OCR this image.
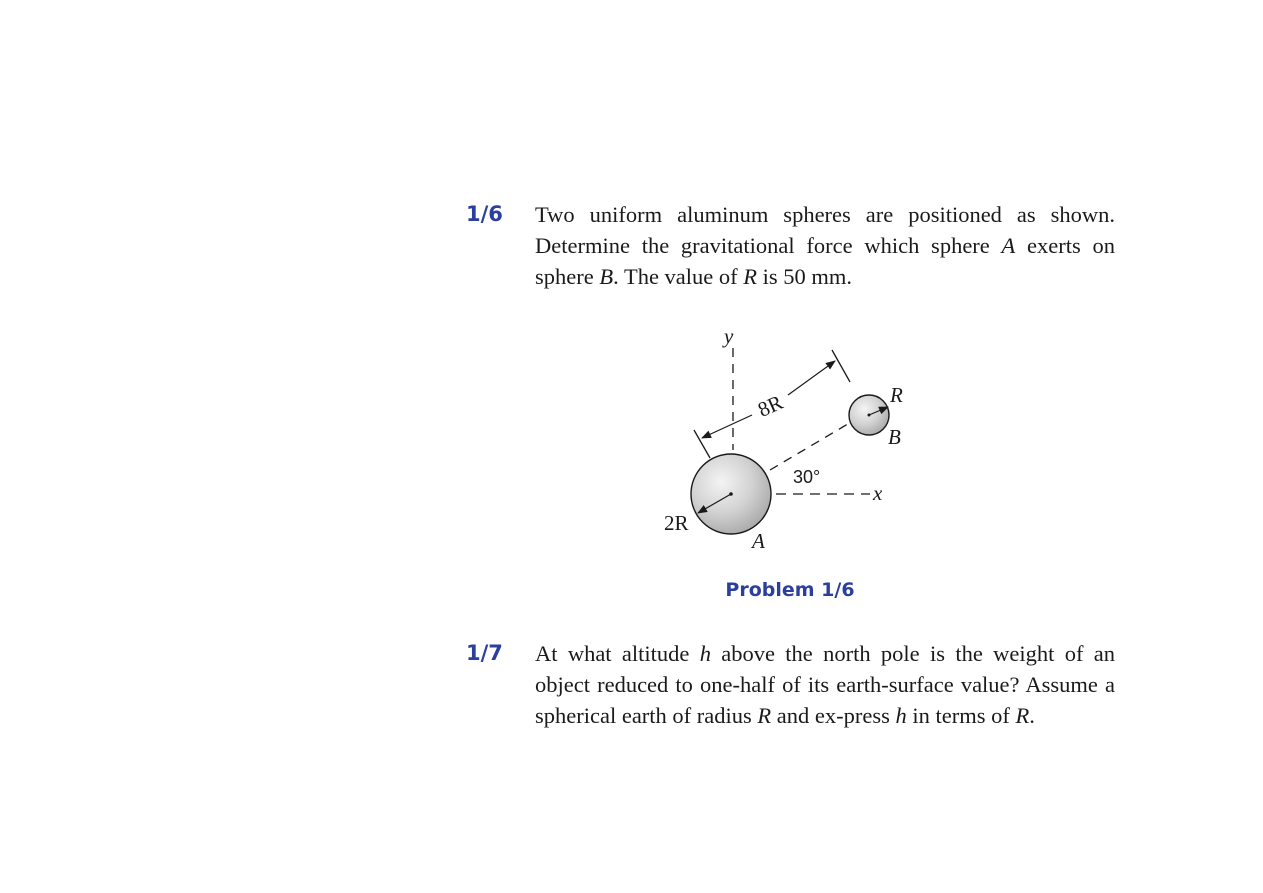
1/6 Two uniform aluminum spheres are positioned as shown. Determine the gravitational force which sphere A exerts on sphere B. The value of R is 50 mm.
y
x
8R
30°
2R
R
A
B
Problem 1/6
1/7 At what altitude h above the north pole is the weight of an object reduced to one-half of its earth-surface value? Assume a spherical earth of radius R and ex-press h in terms of R.
